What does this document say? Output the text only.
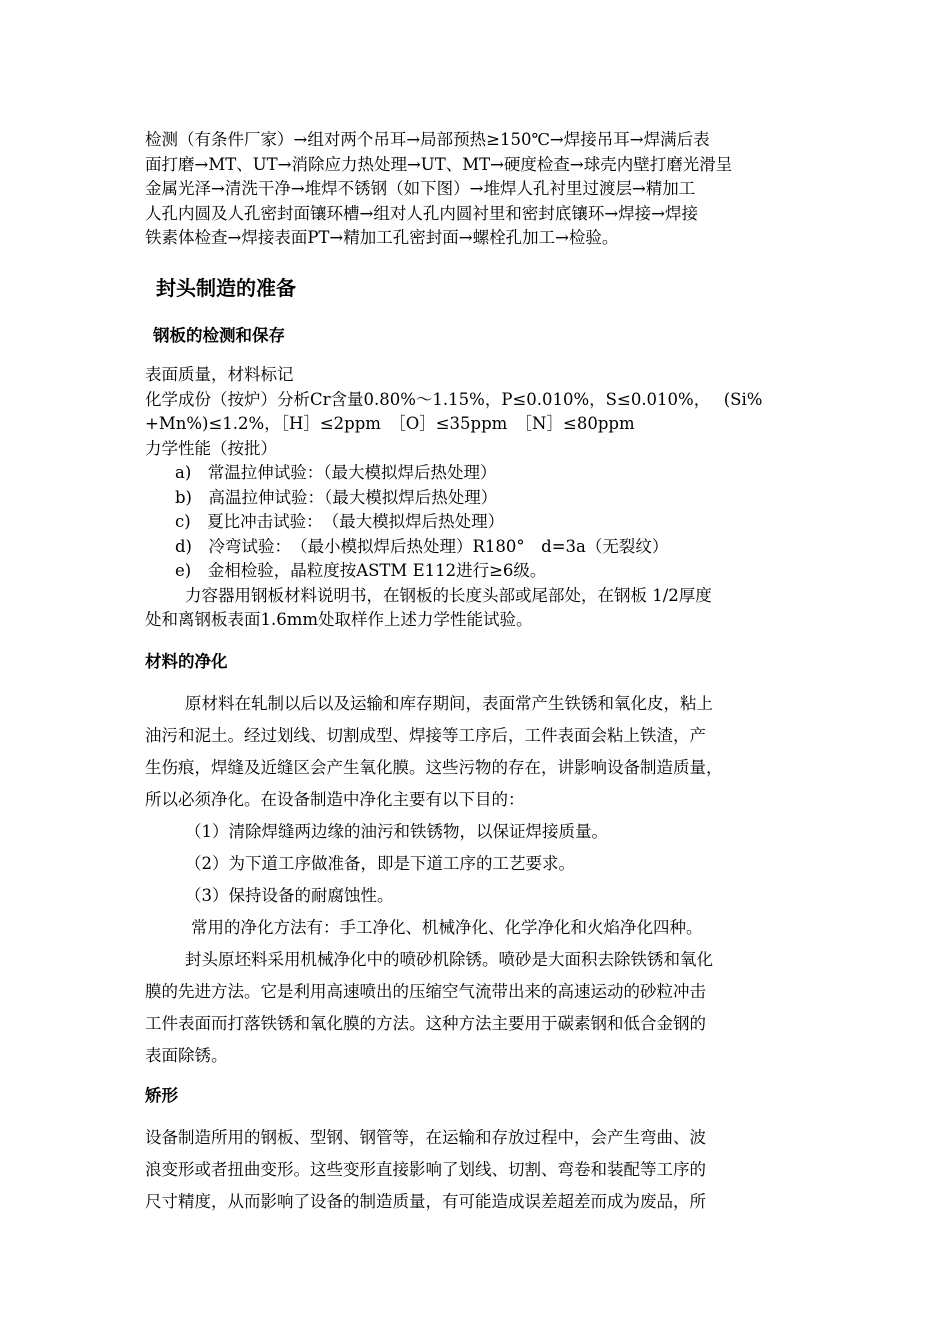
检测（有条件厂家）→组对两个吊耳→局部预热≥150℃→焊接吊耳→焊满后表

面打磨→MT、UT→消除应力热处理→UT、MT→硬度检查→球壳内壁打磨光滑呈

金属光泽→清洗干净→堆焊不锈钢（如下图）→堆焊人孔衬里过渡层→精加工

人孔内圆及人孔密封面镶环槽→组对人孔内圆衬里和密封底镶环→焊接→焊接

铁素体检查→焊接表面PT→精加工孔密封面→螺栓孔加工→检验。

封头制造的准备
钢板的检测和保存

表面质量，材料标记

化学成份（按炉）分析Cr含量0.80%～1.15%，P≤0.010%，S≤0.010%，　 (Si%

+Mn%)≤1.2%，［H］≤2ppm　［O］≤35ppm　［N］≤80ppm

力学性能（按批）

a)　常温拉伸试验：（最大模拟焊后热处理）

b)　高温拉伸试验：（最大模拟焊后热处理）

c)　夏比冲击试验：　（最大模拟焊后热处理）

d)　冷弯试验：　（最小模拟焊后热处理）R180°　d=3a（无裂纹）

e)　金相检验，晶粒度按ASTM E112进行≥6级。

力容器用钢板材料说明书，在钢板的长度头部或尾部处，在钢板 1/2厚度

处和离钢板表面1.6mm处取样作上述力学性能试验。

材料的净化

原材料在轧制以后以及运输和库存期间，表面常产生铁锈和氧化皮，粘上

油污和泥土。经过划线、切割成型、焊接等工序后，工件表面会粘上铁渣，产

生伤痕，焊缝及近缝区会产生氧化膜。这些污物的存在，讲影响设备制造质量，

所以必须净化。在设备制造中净化主要有以下目的：

（1）清除焊缝两边缘的油污和铁锈物，以保证焊接质量。

（2）为下道工序做准备，即是下道工序的工艺要求。

（3）保持设备的耐腐蚀性。

常用的净化方法有：手工净化、机械净化、化学净化和火焰净化四种。

封头原坯料采用机械净化中的喷砂机除锈。喷砂是大面积去除铁锈和氧化

膜的先进方法。它是利用高速喷出的压缩空气流带出来的高速运动的砂粒冲击

工件表面而打落铁锈和氧化膜的方法。这种方法主要用于碳素钢和低合金钢的

表面除锈。

矫形

设备制造所用的钢板、型钢、钢管等，在运输和存放过程中，会产生弯曲、波

浪变形或者扭曲变形。这些变形直接影响了划线、切割、弯卷和装配等工序的

尺寸精度，从而影响了设备的制造质量，有可能造成误差超差而成为废品，所
